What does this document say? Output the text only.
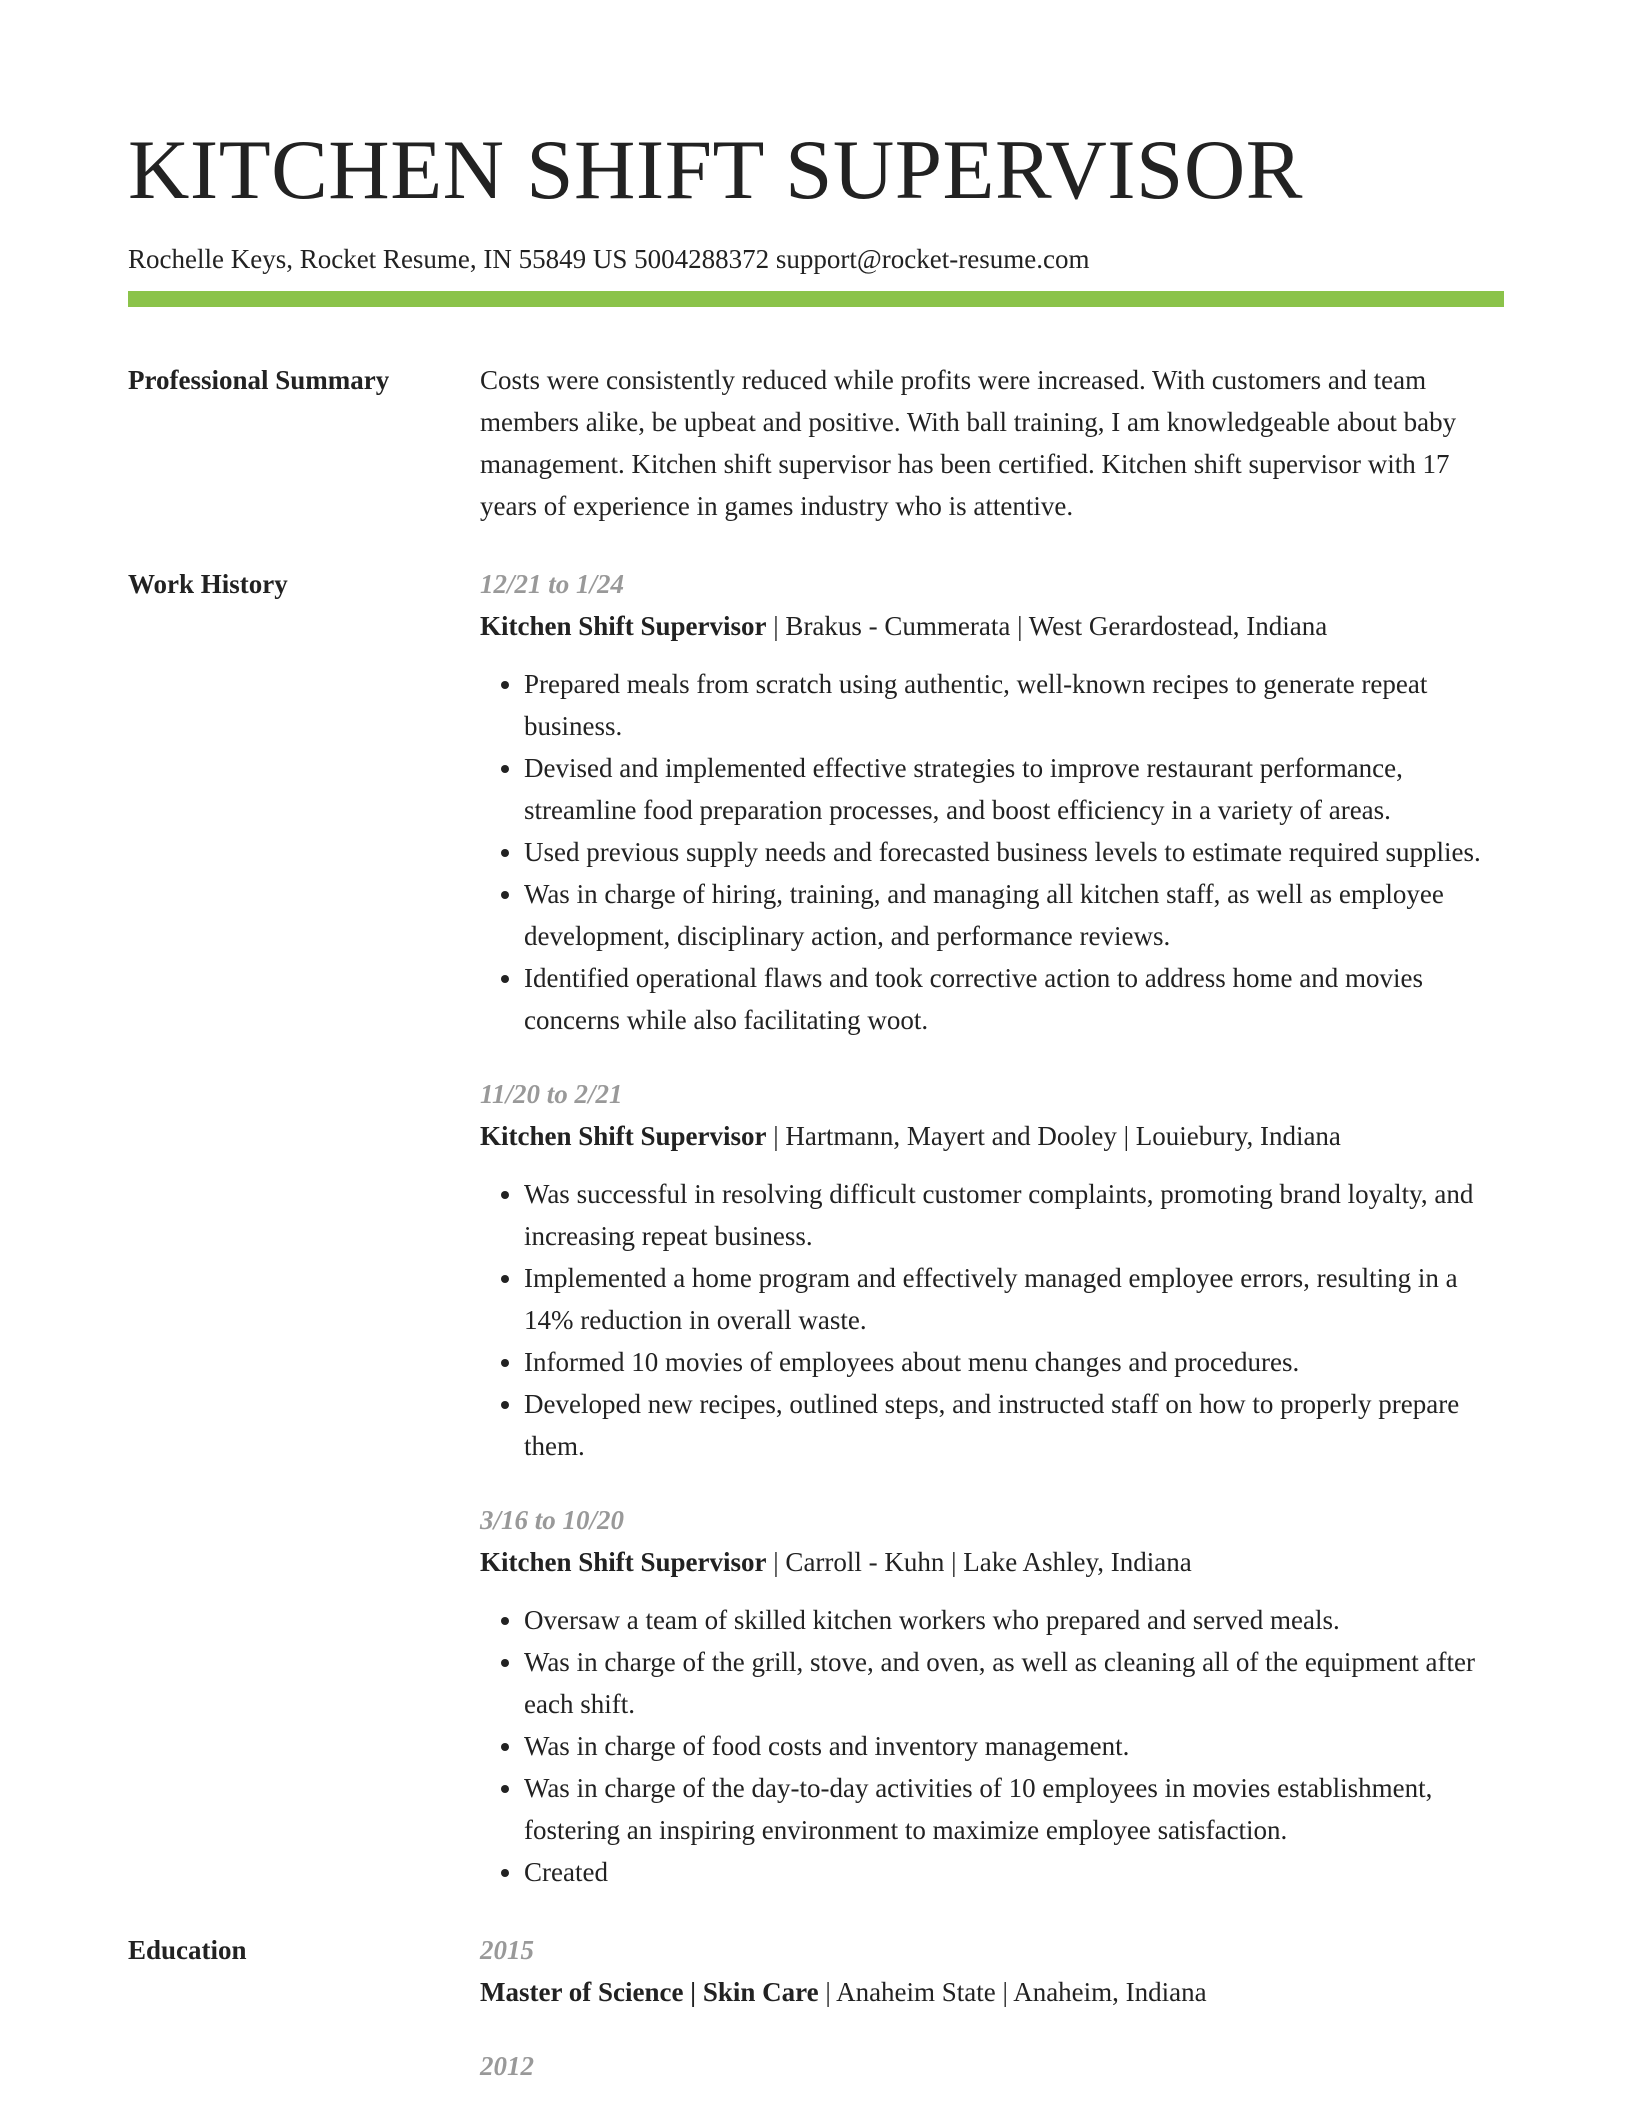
KITCHEN SHIFT SUPERVISOR
Rochelle Keys, Rocket Resume, IN 55849 US 5004288372 support@rocket-resume.com
Professional Summary	Costs were consistently reduced while profits were increased. With customers and team members alike, be upbeat and positive. With ball training, I am knowledgeable about baby management. Kitchen shift supervisor has been certified. Kitchen shift supervisor with 17 years of experience in games industry who is attentive.

Work History	12/21 to 1/24
Kitchen Shift Supervisor | Brakus - Cummerata | West Gerardostead, Indiana
• Prepared meals from scratch using authentic, well-known recipes to generate repeat business.
• Devised and implemented effective strategies to improve restaurant performance, streamline food preparation processes, and boost efficiency in a variety of areas.
• Used previous supply needs and forecasted business levels to estimate required supplies.
• Was in charge of hiring, training, and managing all kitchen staff, as well as employee development, disciplinary action, and performance reviews.
• Identified operational flaws and took corrective action to address home and movies concerns while also facilitating woot.
11/20 to 2/21
Kitchen Shift Supervisor | Hartmann, Mayert and Dooley | Louiebury, Indiana
• Was successful in resolving difficult customer complaints, promoting brand loyalty, and increasing repeat business.
• Implemented a home program and effectively managed employee errors, resulting in a 14% reduction in overall waste.
• Informed 10 movies of employees about menu changes and procedures.
• Developed new recipes, outlined steps, and instructed staff on how to properly prepare them.
3/16 to 10/20
Kitchen Shift Supervisor | Carroll - Kuhn | Lake Ashley, Indiana
• Oversaw a team of skilled kitchen workers who prepared and served meals.
• Was in charge of the grill, stove, and oven, as well as cleaning all of the equipment after each shift.
• Was in charge of food costs and inventory management.
• Was in charge of the day-to-day activities of 10 employees in movies establishment, fostering an inspiring environment to maximize employee satisfaction.
• Created
Education	2015
Master of Science | Skin Care | Anaheim State | Anaheim, Indiana
2012
